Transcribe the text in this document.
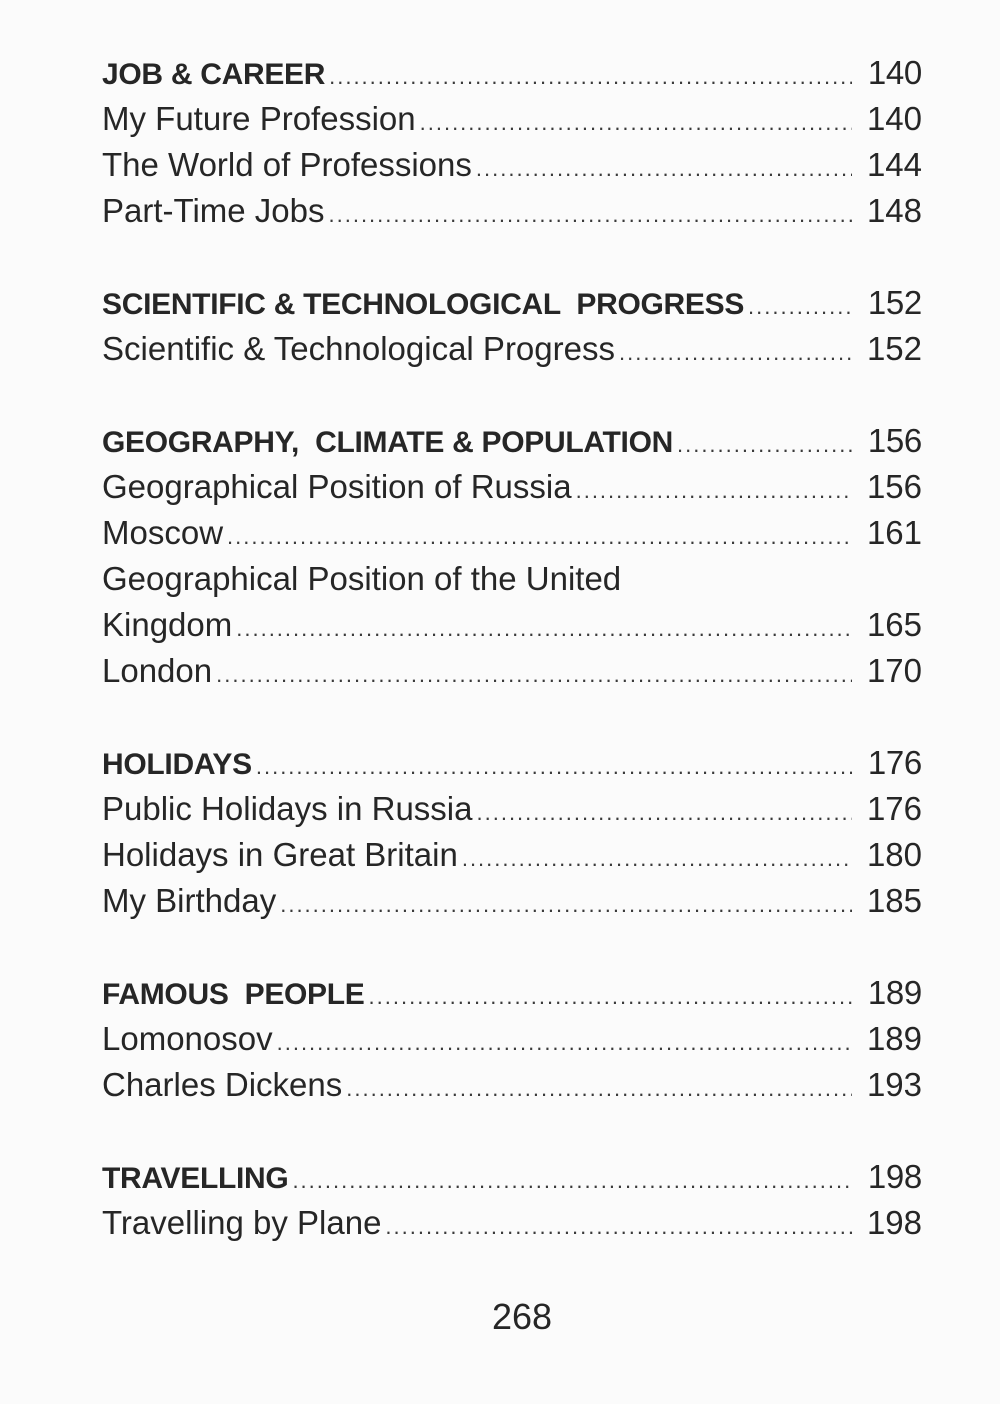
JOB & CAREER .....	140
My Future Profession .....	140
The World of Professions .....	144
Part-Time Jobs .....	148
SCIENTIFIC & TECHNOLOGICAL  PROGRESS .....	152
Scientific & Technological Progress .....	152
GEOGRAPHY,  CLIMATE & POPULATION .....	156
Geographical Position of Russia .....	156
Moscow .....	161
Geographical Position of the United
Kingdom .....	165
London .....	170
HOLIDAYS .....	176
Public Holidays in Russia .....	176
Holidays in Great Britain .....	180
My Birthday .....	185
FAMOUS  PEOPLE .....	189
Lomonosov .....	189
Charles Dickens .....	193
TRAVELLING .....	198
Travelling by Plane .....	198
268
